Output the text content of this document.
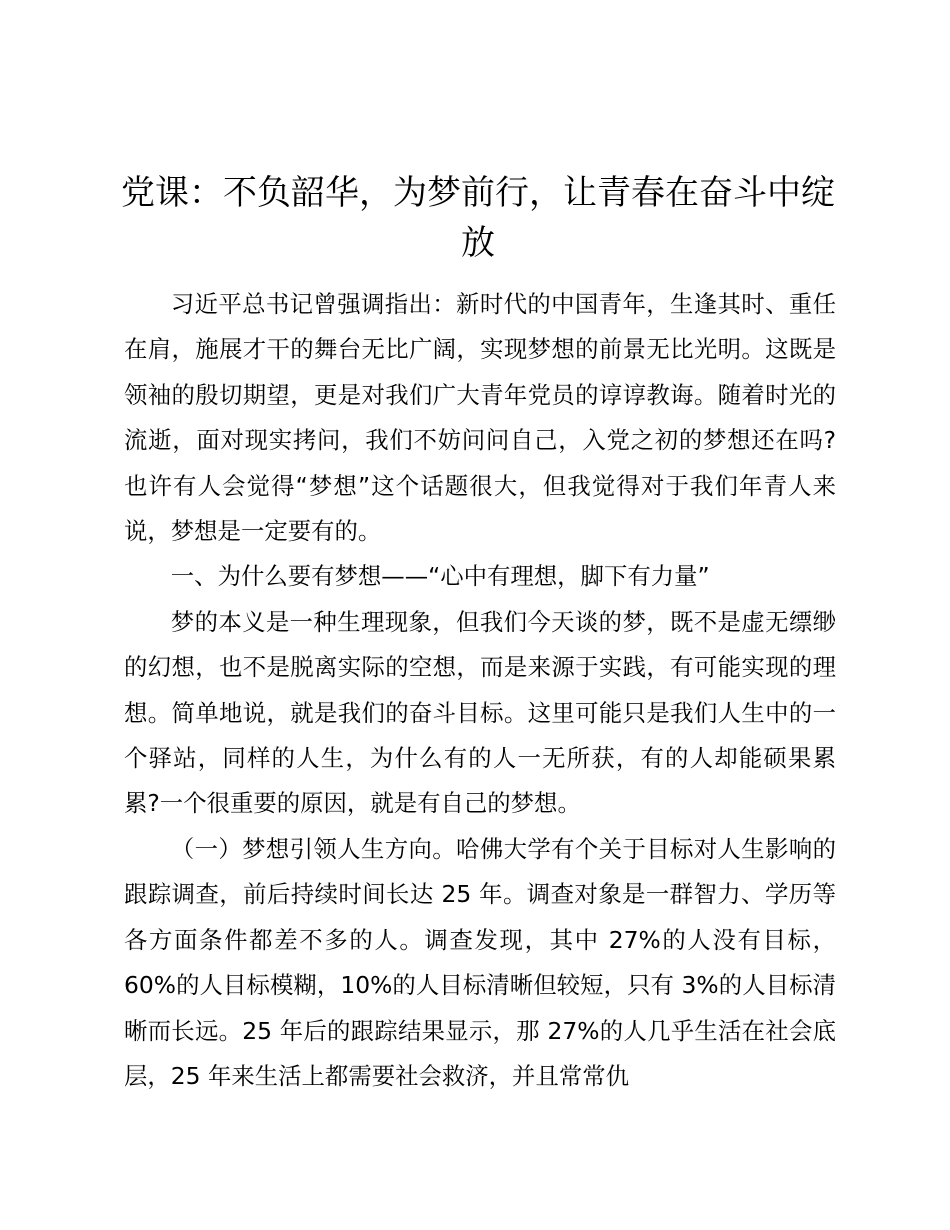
党课：不负韶华，为梦前行，让青春在奋斗中绽放

习近平总书记曾强调指出：新时代的中国青年，生逢其时、重任在肩，施展才干的舞台无比广阔，实现梦想的前景无比光明。这既是领袖的殷切期望，更是对我们广大青年党员的谆谆教诲。随着时光的流逝，面对现实拷问，我们不妨问问自己，入党之初的梦想还在吗?也许有人会觉得“梦想”这个话题很大，但我觉得对于我们年青人来说，梦想是一定要有的。

一、为什么要有梦想——“心中有理想，脚下有力量”

梦的本义是一种生理现象，但我们今天谈的梦，既不是虚无缥缈的幻想，也不是脱离实际的空想，而是来源于实践，有可能实现的理想。简单地说，就是我们的奋斗目标。这里可能只是我们人生中的一个驿站，同样的人生，为什么有的人一无所获，有的人却能硕果累累?一个很重要的原因，就是有自己的梦想。

（一）梦想引领人生方向。哈佛大学有个关于目标对人生影响的跟踪调查，前后持续时间长达 25 年。调查对象是一群智力、学历等各方面条件都差不多的人。调查发现，其中 27%的人没有目标，60%的人目标模糊，10%的人目标清晰但较短，只有 3%的人目标清晰而长远。25 年后的跟踪结果显示，那 27%的人几乎生活在社会底层，25 年来生活上都需要社会救济，并且常常仇
